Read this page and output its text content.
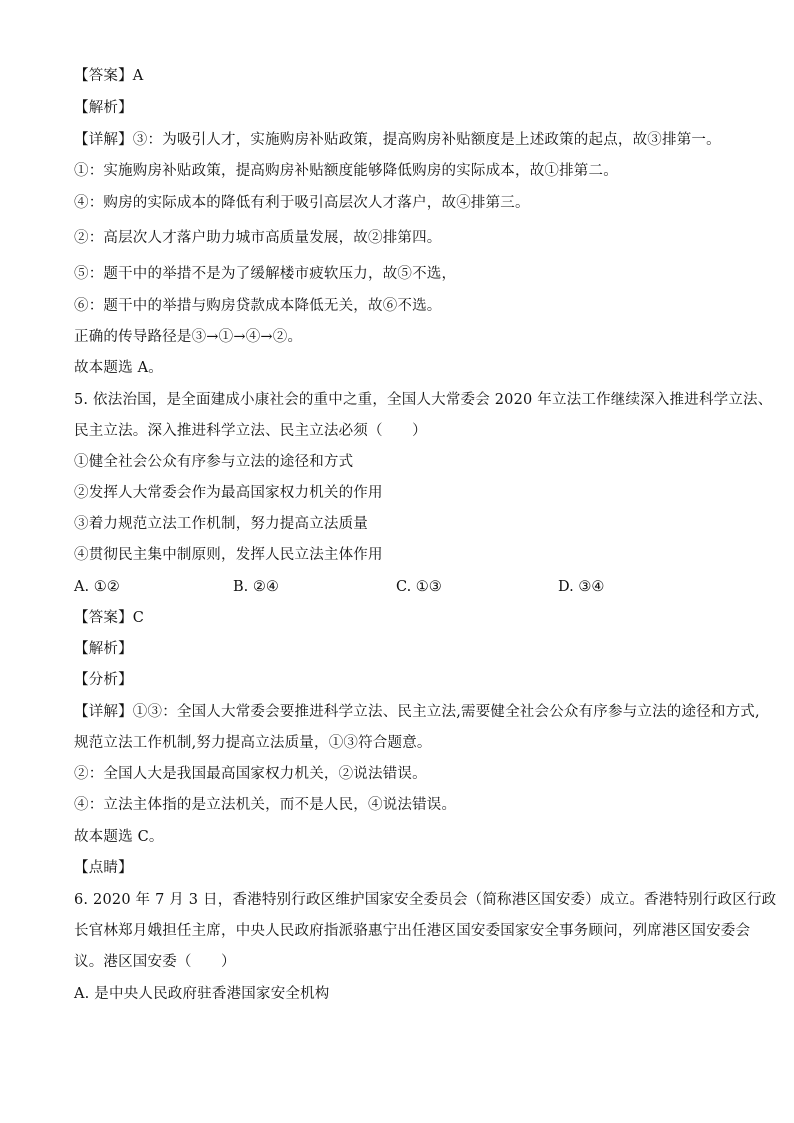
【答案】A
【解析】
【详解】③：为吸引人才，实施购房补贴政策，提高购房补贴额度是上述政策的起点，故③排第一。
①：实施购房补贴政策，提高购房补贴额度能够降低购房的实际成本，故①排第二。
④：购房的实际成本的降低有利于吸引高层次人才落户，故④排第三。
②：高层次人才落户助力城市高质量发展，故②排第四。
⑤：题干中的举措不是为了缓解楼市疲软压力，故⑤不选，
⑥：题干中的举措与购房贷款成本降低无关，故⑥不选。
正确的传导路径是③→①→④→②。
故本题选 A。
5. 依法治国，是全面建成小康社会的重中之重，全国人大常委会 2020 年立法工作继续深入推进科学立法、
民主立法。深入推进科学立法、民主立法必须（　　）
①健全社会公众有序参与立法的途径和方式
②发挥人大常委会作为最高国家权力机关的作用
③着力规范立法工作机制，努力提高立法质量
④贯彻民主集中制原则，发挥人民立法主体作用
A. ①②	B. ②④	C. ①③	D. ③④
【答案】C
【解析】
【分析】
【详解】①③：全国人大常委会要推进科学立法、民主立法,需要健全社会公众有序参与立法的途径和方式,
规范立法工作机制,努力提高立法质量，①③符合题意。
②：全国人大是我国最高国家权力机关，②说法错误。
④：立法主体指的是立法机关，而不是人民，④说法错误。
故本题选 C。
【点睛】
6. 2020 年 7 月 3 日，香港特别行政区维护国家安全委员会（简称港区国安委）成立。香港特别行政区行政
长官林郑月娥担任主席，中央人民政府指派骆惠宁出任港区国安委国家安全事务顾问，列席港区国安委会
议。港区国安委（　　）
A. 是中央人民政府驻香港国家安全机构
